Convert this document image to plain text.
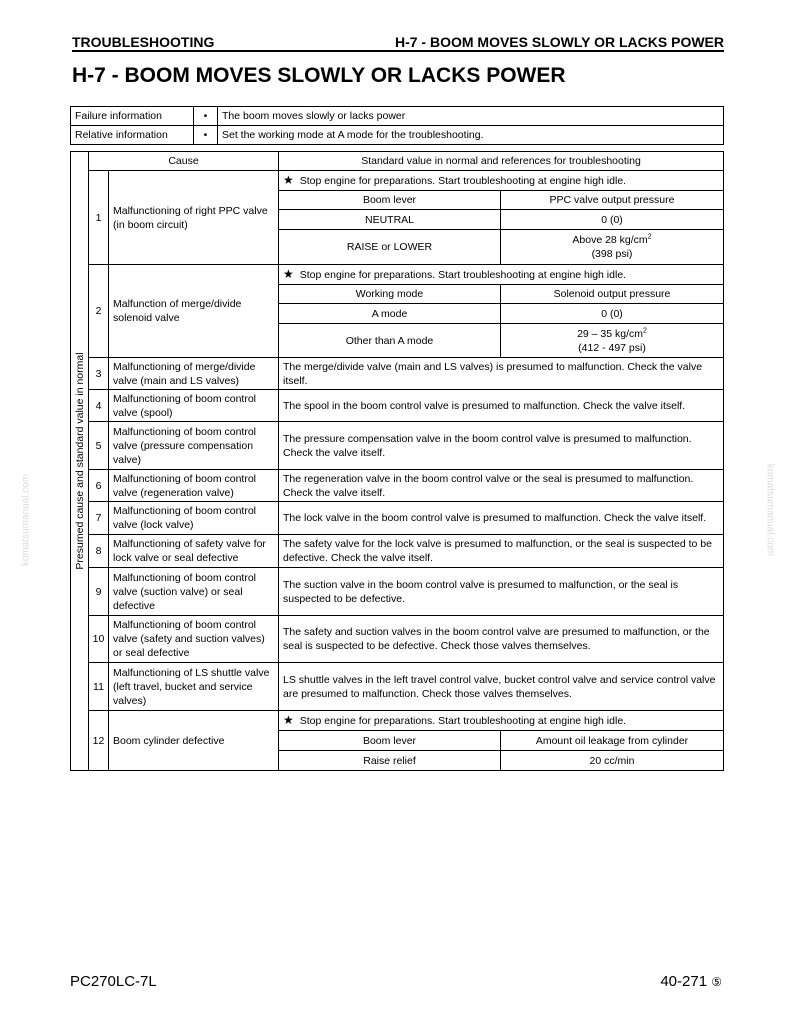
TROUBLESHOOTING	H-7 - BOOM MOVES SLOWLY OR LACKS POWER
H-7 - BOOM MOVES SLOWLY OR LACKS POWER
Failure information	•	The boom moves slowly or lacks power
Relative information	•	Set the working mode at A mode for the troubleshooting.
Presumed cause and standard value in normal	Cause		Standard value in normal and references for troubleshooting	
	1	Malfunctioning of right PPC valve (in boom circuit)	★ Stop engine for preparations. Start troubleshooting at engine high idle.	
			Boom lever	PPC valve output pressure
			NEUTRAL	0 (0)
			RAISE or LOWER	Above 28 $kg/cm^2$
(398 psi)
	2	Malfunction of merge/divide solenoid valve	★ Stop engine for preparations. Start troubleshooting at engine high idle.	
			Working mode	Solenoid output pressure
			A mode	0 (0)
			Other than A mode	29 – 35 $kg/cm^2$
(412 - 497 psi)
	3	Malfunctioning of merge/divide valve (main and LS valves)	The merge/divide valve (main and LS valves) is presumed to malfunction. Check the valve itself.	
	4	Malfunctioning of boom control valve (spool)	The spool in the boom control valve is presumed to malfunction. Check the valve itself.	
	5	Malfunctioning of boom control valve (pressure compensation valve)	The pressure compensation valve in the boom control valve is presumed to malfunction. Check the valve itself.	
	6	Malfunctioning of boom control valve (regeneration valve)	The regeneration valve in the boom control valve or the seal is presumed to malfunction. Check the valve itself.	
	7	Malfunctioning of boom control valve (lock valve)	The lock valve in the boom control valve is presumed to malfunction. Check the valve itself.	
	8	Malfunctioning of safety valve for lock valve or seal defective	The safety valve for the lock valve is presumed to malfunction, or the seal is suspected to be defective. Check the valve itself.	
	9	Malfunctioning of boom control valve (suction valve) or seal defective	The suction valve in the boom control valve is presumed to malfunction, or the seal is suspected to be defective.	
	10	Malfunctioning of boom control valve (safety and suction valves) or seal defective	The safety and suction valves in the boom control valve are presumed to malfunction, or the seal is suspected to be defective. Check those valves themselves.	
	11	Malfunctioning of LS shuttle valve (left travel, bucket and service valves)	LS shuttle valves in the left travel control valve, bucket control valve and service control valve are presumed to malfunction. Check those valves themselves.	
	12	Boom cylinder defective	★ Stop engine for preparations. Start troubleshooting at engine high idle.	
			Boom lever	Amount oil leakage from cylinder
			Raise relief	20 cc/min
komatsumanual.com	komatsumanual.com
PC270LC-7L	40-271 ⑤
